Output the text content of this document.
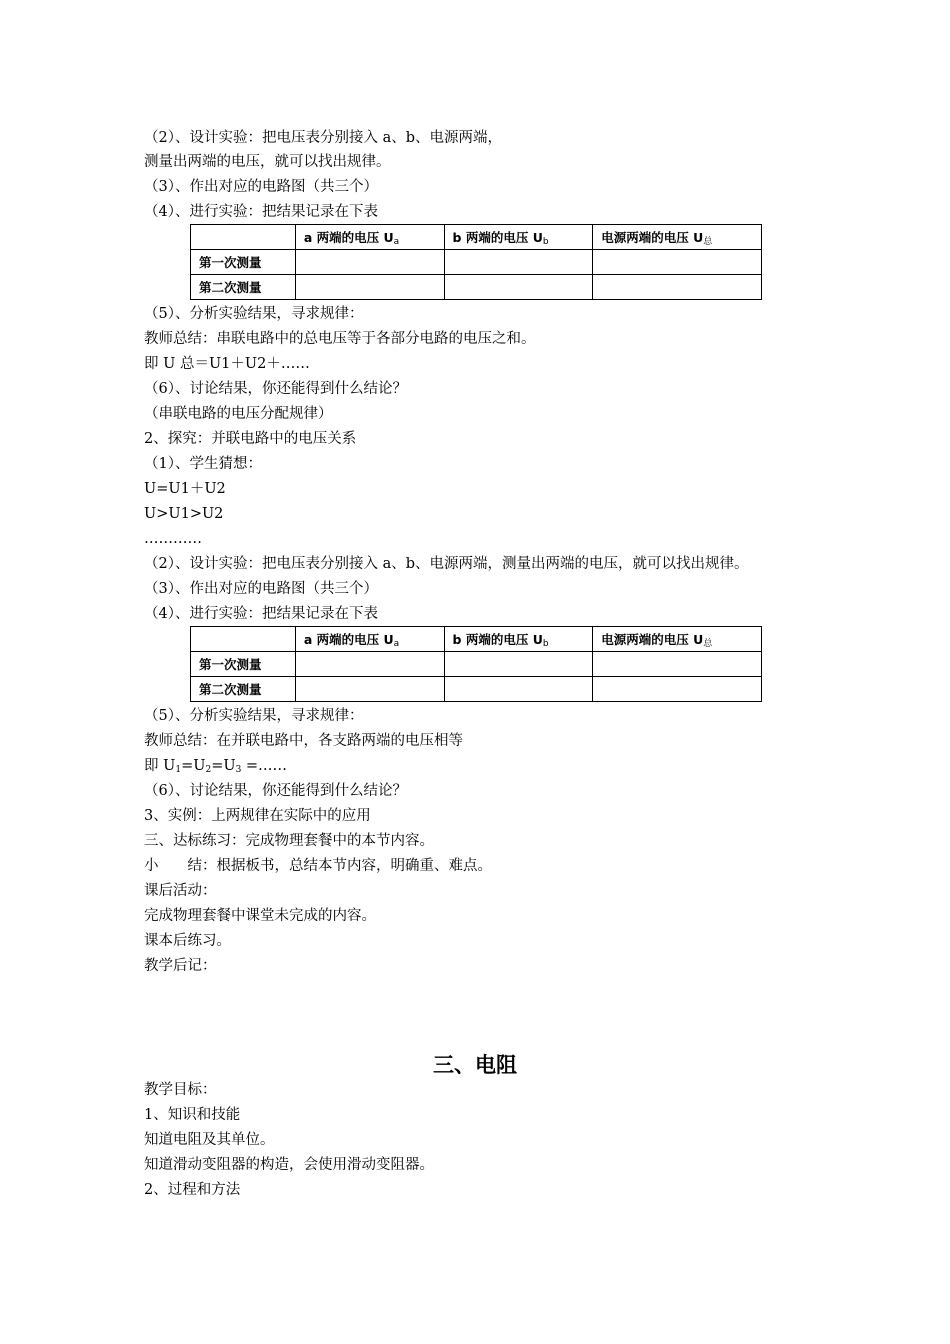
（2）、设计实验：把电压表分别接入 a、b、电源两端，
测量出两端的电压，就可以找出规律。
（3）、作出对应的电路图（共三个）
（4）、进行实验：把结果记录在下表
	a 两端的电压 $U_a$	b 两端的电压 $U_b$	电源两端的电压 $U_总$
第一次测量			
第二次测量			
（5）、分析实验结果，寻求规律：
教师总结：串联电路中的总电压等于各部分电路的电压之和。
即 U 总＝U1＋U2＋……
（6）、讨论结果，你还能得到什么结论？
（串联电路的电压分配规律）
2、探究：并联电路中的电压关系
（1）、学生猜想：
U=U1＋U2
U>U1>U2
…………
（2）、设计实验：把电压表分别接入 a、b、电源两端，测量出两端的电压，就可以找出规律。
（3）、作出对应的电路图（共三个）
（4）、进行实验：把结果记录在下表
	a 两端的电压 $U_a$	b 两端的电压 $U_b$	电源两端的电压 $U_总$
第一次测量			
第二次测量			
（5）、分析实验结果，寻求规律：
教师总结：在并联电路中，各支路两端的电压相等
即 $U_1=U_2=U_3$ =……
（6）、讨论结果，你还能得到什么结论？
3、实例：上两规律在实际中的应用
三、达标练习：完成物理套餐中的本节内容。
小　　结：根据板书，总结本节内容，明确重、难点。
课后活动：
完成物理套餐中课堂未完成的内容。
课本后练习。
教学后记：
三、电阻
教学目标：
1、知识和技能
知道电阻及其单位。
知道滑动变阻器的构造，会使用滑动变阻器。
2、过程和方法
